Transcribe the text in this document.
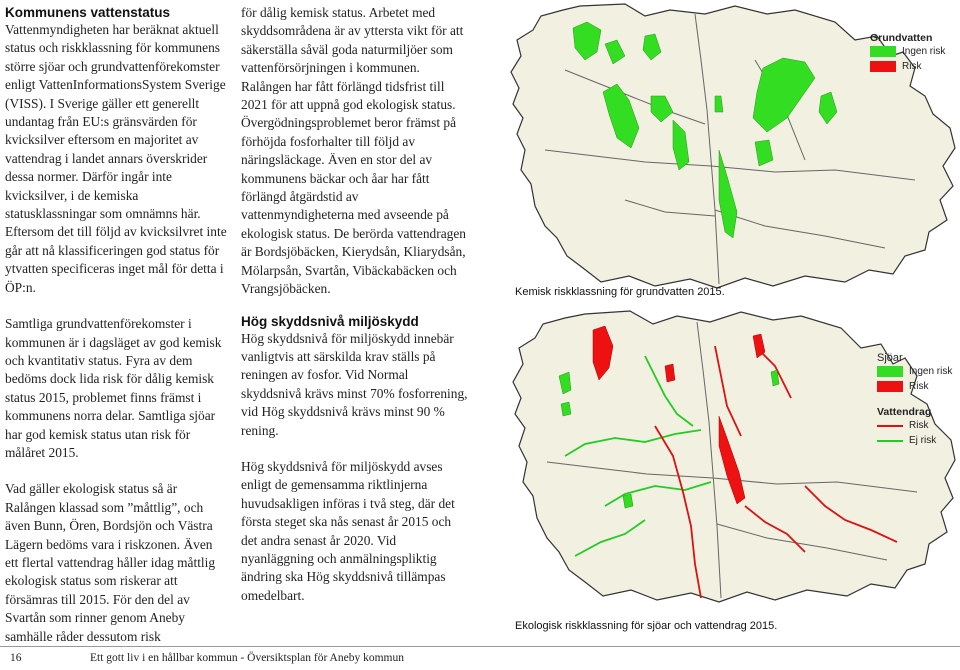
Kommunens vattenstatus

Vattenmyndigheten har beräknat aktuell status och riskklassning för kommunens större sjöar och grundvattenförekomster enligt VattenInformationsSystem Sverige (VISS). I Sverige gäller ett generellt undantag från EU:s gränsvärden för kvicksilver eftersom en majoritet av vattendrag i landet annars överskrider dessa normer. Därför ingår inte kvicksilver, i de kemiska statusklassningar som omnämns här. Eftersom det till följd av kvicksilvret inte går att nå klassificeringen god status för ytvatten specificeras inget mål för detta i ÖP:n.

Samtliga grundvattenförekomster i kommunen är i dagsläget av god kemisk och kvantitativ status. Fyra av dem bedöms dock lida risk för dålig kemisk status 2015, problemet finns främst i kommunens norra delar. Samtliga sjöar har god kemisk status utan risk för målåret 2015.

Vad gäller ekologisk status så är Ralången klassad som ”måttlig”, och även Bunn, Ören, Bordsjön och Västra Lägern bedöms vara i riskzonen. Även ett flertal vattendrag håller idag måttlig ekologisk status som riskerar att försämras till 2015. För den del av Svartån som rinner genom Aneby samhälle råder dessutom risk

för dålig kemisk status. Arbetet med skyddsområdena är av yttersta vikt för att säkerställa såväl goda naturmiljöer som vattenförsörjningen i kommunen. Ralången har fått förlängd tidsfrist till 2021 för att uppnå god ekologisk status. Övergödningsproblemet beror främst på förhöjda fosforhalter till följd av näringsläckage. Även en stor del av kommunens bäckar och åar har fått förlängd åtgärdstid av vattenmyndigheterna med avseende på ekologisk status. De berörda vattendragen är Bordsjöbäcken, Kierydsån, Kliarydsån, Mölarpsån, Svartån, Vibäckabäcken och Vrangsjöbäcken.

Hög skyddsnivå miljöskydd

Hög skyddsnivå för miljöskydd innebär vanligtvis att särskilda krav ställs på reningen av fosfor. Vid Normal skyddsnivå krävs minst 70% fosforrening, vid Hög skyddsnivå krävs minst 90 % rening.

Hög skyddsnivå för miljöskydd avses enligt de gemensamma riktlinjerna huvudsakligen införas i två steg, där det första steget ska nås senast år 2015 och det andra senast år 2020. Vid nyanläggning och anmälningspliktig ändring ska Hög skyddsnivå tillämpas omedelbart.

Grundvatten
Ingen risk
Risk
Kemisk riskklassning för grundvatten 2015.
Sjöar
Ingen risk
Risk
Vattendrag
Risk
Ej risk
Ekologisk riskklassning för sjöar och vattendrag 2015.
16	Ett gott liv i en hållbar kommun - Översiktsplan för Aneby kommun
